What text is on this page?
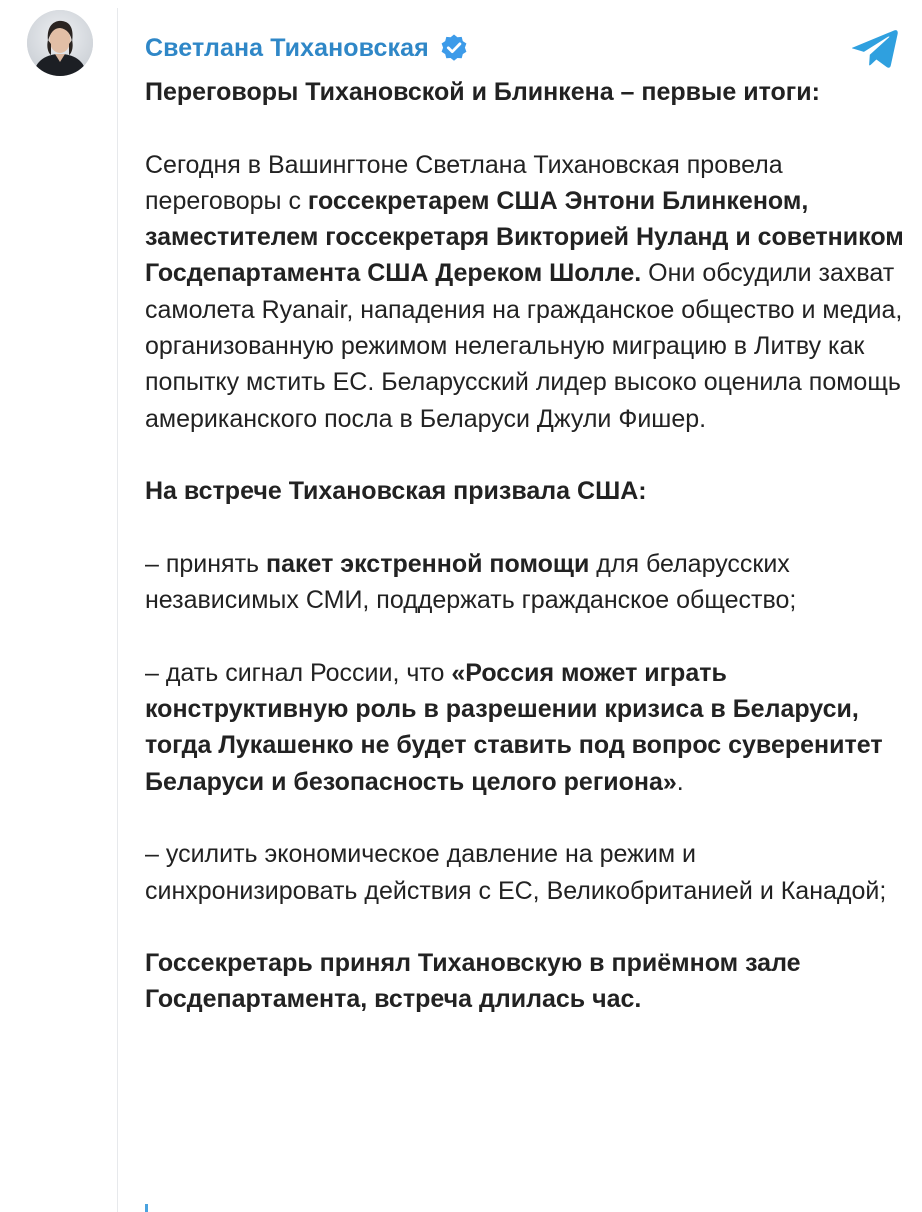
Светлана Тихановская

Переговоры Тихановской и Блинкена – первые итоги:

Сегодня в Вашингтоне Светлана Тихановская провела переговоры с госсекретарем США Энтони Блинкеном, заместителем госсекретаря Викторией Нуланд и советником Госдепартамента США Дереком Шолле. Они обсудили захват самолета Ryanair, нападения на гражданское общество и медиа, организованную режимом нелегальную миграцию в Литву как попытку мстить ЕС. Беларусский лидер высоко оценила помощь американского посла в Беларуси Джули Фишер.

На встрече Тихановская призвала США:

– принять пакет экстренной помощи для беларусских независимых СМИ, поддержать гражданское общество;

– дать сигнал России, что «Россия может играть конструктивную роль в разрешении кризиса в Беларуси, тогда Лукашенко не будет ставить под вопрос суверенитет Беларуси и безопасность целого региона».

– усилить экономическое давление на режим и синхронизировать действия с ЕС, Великобританией и Канадой;

Госсекретарь принял Тихановскую в приёмном зале Госдепартамента, встреча длилась час.
